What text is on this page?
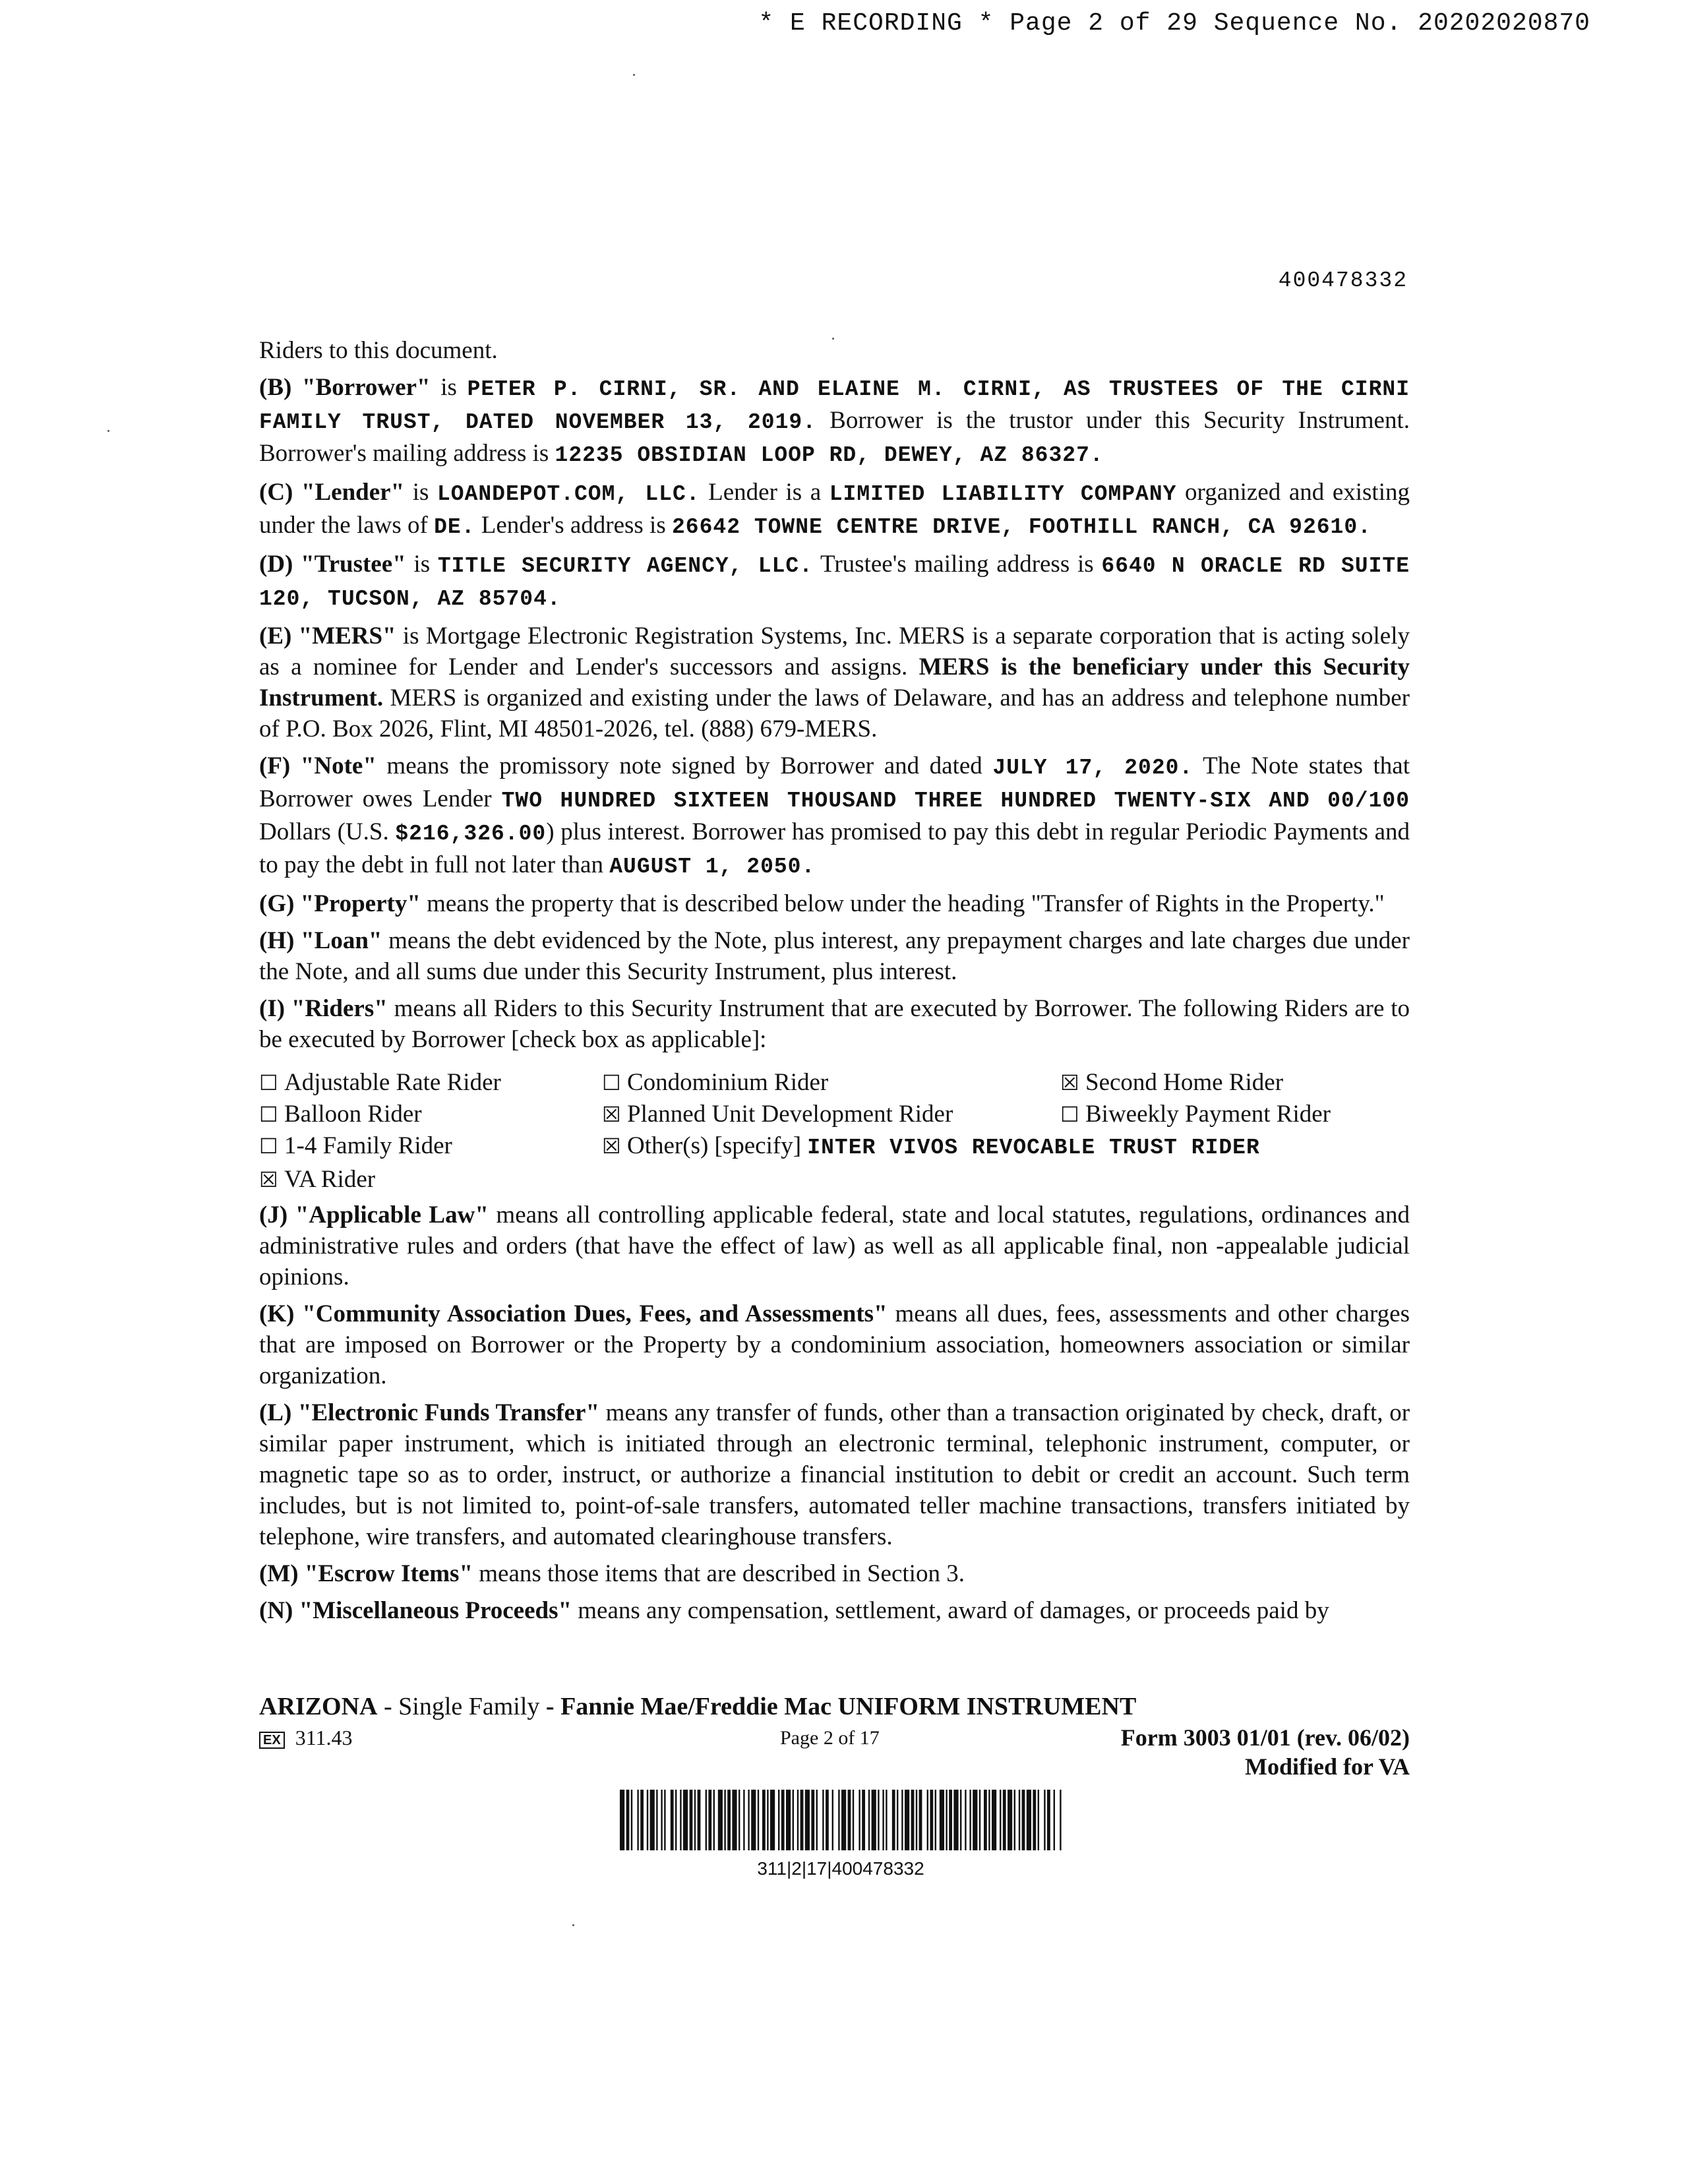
* E RECORDING * Page 2 of 29 Sequence No. 20202020870
400478332

Riders to this document.

(B) "Borrower" is PETER P. CIRNI, SR. AND ELAINE M. CIRNI, AS TRUSTEES OF THE CIRNI FAMILY TRUST, DATED NOVEMBER 13, 2019. Borrower is the trustor under this Security Instrument. Borrower's mailing address is 12235 OBSIDIAN LOOP RD, DEWEY, AZ 86327.

(C) "Lender" is LOANDEPOT.COM, LLC. Lender is a LIMITED LIABILITY COMPANY organized and existing under the laws of DE. Lender's address is 26642 TOWNE CENTRE DRIVE, FOOTHILL RANCH, CA 92610.

(D) "Trustee" is TITLE SECURITY AGENCY, LLC. Trustee's mailing address is 6640 N ORACLE RD SUITE 120, TUCSON, AZ 85704.

(E) "MERS" is Mortgage Electronic Registration Systems, Inc. MERS is a separate corporation that is acting solely as a nominee for Lender and Lender's successors and assigns. MERS is the beneficiary under this Security Instrument. MERS is organized and existing under the laws of Delaware, and has an address and telephone number of P.O. Box 2026, Flint, MI 48501-2026, tel. (888) 679-MERS.

(F) "Note" means the promissory note signed by Borrower and dated JULY 17, 2020. The Note states that Borrower owes Lender TWO HUNDRED SIXTEEN THOUSAND THREE HUNDRED TWENTY-SIX AND 00/100 Dollars (U.S. $216,326.00) plus interest. Borrower has promised to pay this debt in regular Periodic Payments and to pay the debt in full not later than AUGUST 1, 2050.

(G) "Property" means the property that is described below under the heading "Transfer of Rights in the Property."

(H) "Loan" means the debt evidenced by the Note, plus interest, any prepayment charges and late charges due under the Note, and all sums due under this Security Instrument, plus interest.

(I) "Riders" means all Riders to this Security Instrument that are executed by Borrower. The following Riders are to be executed by Borrower [check box as applicable]:

☐ Adjustable Rate Rider	☐ Condominium Rider	☒ Second Home Rider
☐ Balloon Rider	☒ Planned Unit Development Rider	☐ Biweekly Payment Rider
☐ 1-4 Family Rider	☒ Other(s) [specify] INTER VIVOS REVOCABLE TRUST RIDER
☒ VA Rider

(J) "Applicable Law" means all controlling applicable federal, state and local statutes, regulations, ordinances and administrative rules and orders (that have the effect of law) as well as all applicable final, non -appealable judicial opinions.

(K) "Community Association Dues, Fees, and Assessments" means all dues, fees, assessments and other charges that are imposed on Borrower or the Property by a condominium association, homeowners association or similar organization.

(L) "Electronic Funds Transfer" means any transfer of funds, other than a transaction originated by check, draft, or similar paper instrument, which is initiated through an electronic terminal, telephonic instrument, computer, or magnetic tape so as to order, instruct, or authorize a financial institution to debit or credit an account. Such term includes, but is not limited to, point-of-sale transfers, automated teller machine transactions, transfers initiated by telephone, wire transfers, and automated clearinghouse transfers.

(M) "Escrow Items" means those items that are described in Section 3.

(N) "Miscellaneous Proceeds" means any compensation, settlement, award of damages, or proceeds paid by

ARIZONA - Single Family - Fannie Mae/Freddie Mac UNIFORM INSTRUMENT
EX 311.43	Page 2 of 17	Form 3003 01/01 (rev. 06/02)
Modified for VA
311|2|17|400478332
